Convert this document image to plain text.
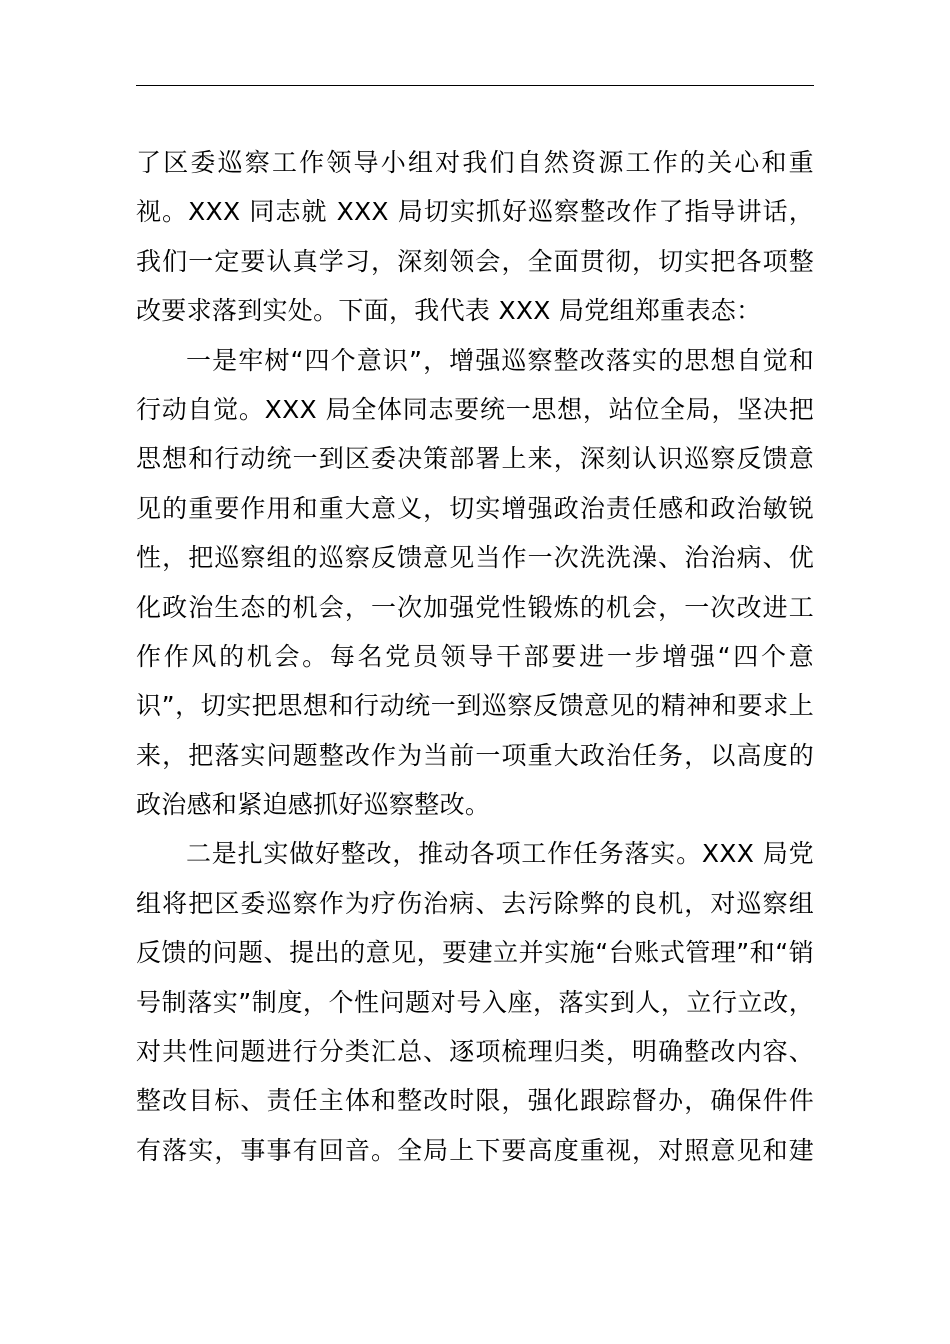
了区委巡察工作领导小组对我们自然资源工作的关心和重
视。XXX 同志就 XXX 局切实抓好巡察整改作了指导讲话，
我们一定要认真学习，深刻领会，全面贯彻，切实把各项整
改要求落到实处。下面，我代表 XXX 局党组郑重表态：
一是牢树“四个意识”，增强巡察整改落实的思想自觉和
行动自觉。XXX 局全体同志要统一思想，站位全局，坚决把
思想和行动统一到区委决策部署上来，深刻认识巡察反馈意
见的重要作用和重大意义，切实增强政治责任感和政治敏锐
性，把巡察组的巡察反馈意见当作一次洗洗澡、治治病、优
化政治生态的机会，一次加强党性锻炼的机会，一次改进工
作作风的机会。每名党员领导干部要进一步增强“四个意
识”，切实把思想和行动统一到巡察反馈意见的精神和要求上
来，把落实问题整改作为当前一项重大政治任务，以高度的
政治感和紧迫感抓好巡察整改。
二是扎实做好整改，推动各项工作任务落实。XXX 局党
组将把区委巡察作为疗伤治病、去污除弊的良机，对巡察组
反馈的问题、提出的意见，要建立并实施“台账式管理”和“销
号制落实”制度，个性问题对号入座，落实到人，立行立改，
对共性问题进行分类汇总、逐项梳理归类，明确整改内容、
整改目标、责任主体和整改时限，强化跟踪督办，确保件件
有落实，事事有回音。全局上下要高度重视，对照意见和建
